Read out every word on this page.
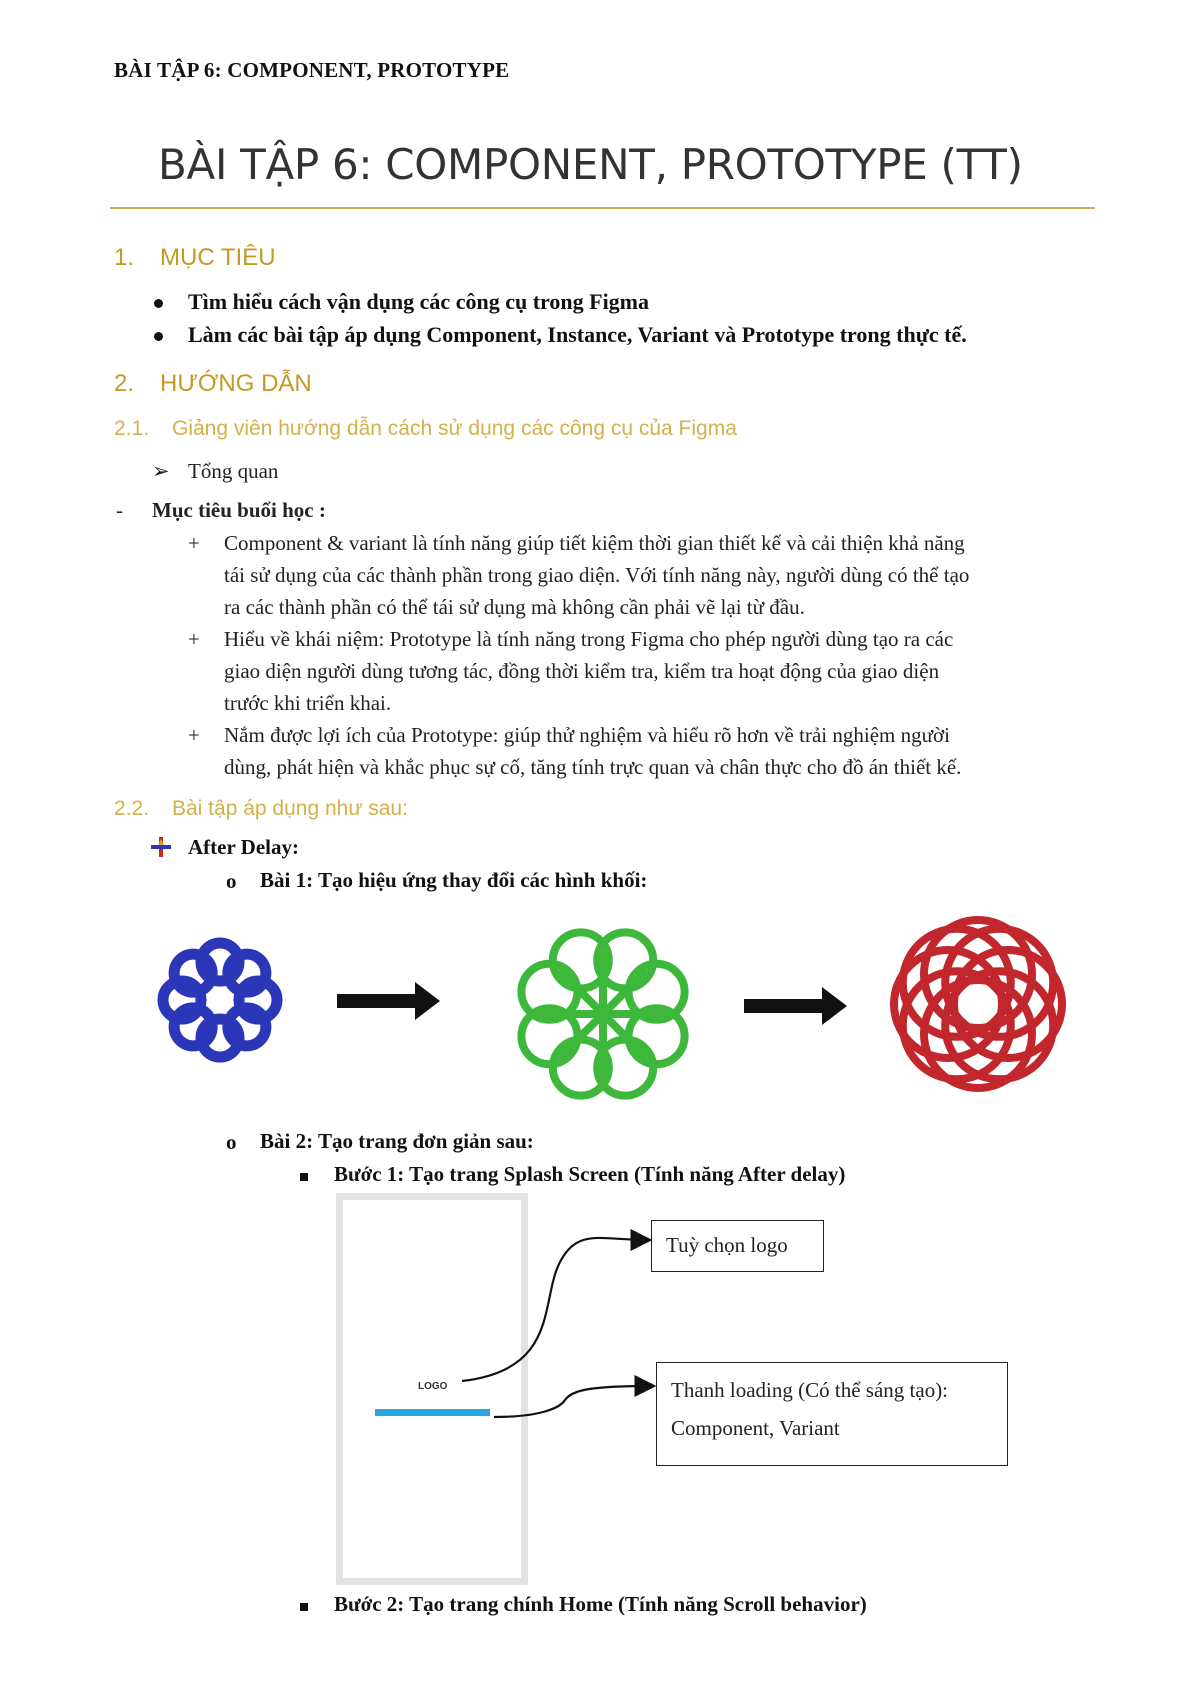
BÀI TẬP 6: COMPONENT, PROTOTYPE
BÀI TẬP 6: COMPONENT, PROTOTYPE (TT)
1. MỤC TIÊU
Tìm hiểu cách vận dụng các công cụ trong Figma
Làm các bài tập áp dụng Component, Instance, Variant và Prototype trong thực tế.
2. HƯỚNG DẪN
2.1. Giảng viên hướng dẫn cách sử dụng các công cụ của Figma
➢ Tổng quan
- Mục tiêu buổi học :
+ Component & variant là tính năng giúp tiết kiệm thời gian thiết kế và cải thiện khả năng
tái sử dụng của các thành phần trong giao diện. Với tính năng này, người dùng có thể tạo
ra các thành phần có thể tái sử dụng mà không cần phải vẽ lại từ đầu.
+ Hiểu về khái niệm: Prototype là tính năng trong Figma cho phép người dùng tạo ra các
giao diện người dùng tương tác, đồng thời kiểm tra, kiểm tra hoạt động của giao diện
trước khi triển khai.
+ Nắm được lợi ích của Prototype: giúp thử nghiệm và hiểu rõ hơn về trải nghiệm người
dùng, phát hiện và khắc phục sự cố, tăng tính trực quan và chân thực cho đồ án thiết kế.
2.2. Bài tập áp dụng như sau:
After Delay:
o Bài 1: Tạo hiệu ứng thay đổi các hình khối:
o Bài 2: Tạo trang đơn giản sau:
Bước 1: Tạo trang Splash Screen (Tính năng After delay)
LOGO
Tuỳ chọn logo
Thanh loading (Có thể sáng tạo):
Component, Variant
Bước 2: Tạo trang chính Home (Tính năng Scroll behavior)
